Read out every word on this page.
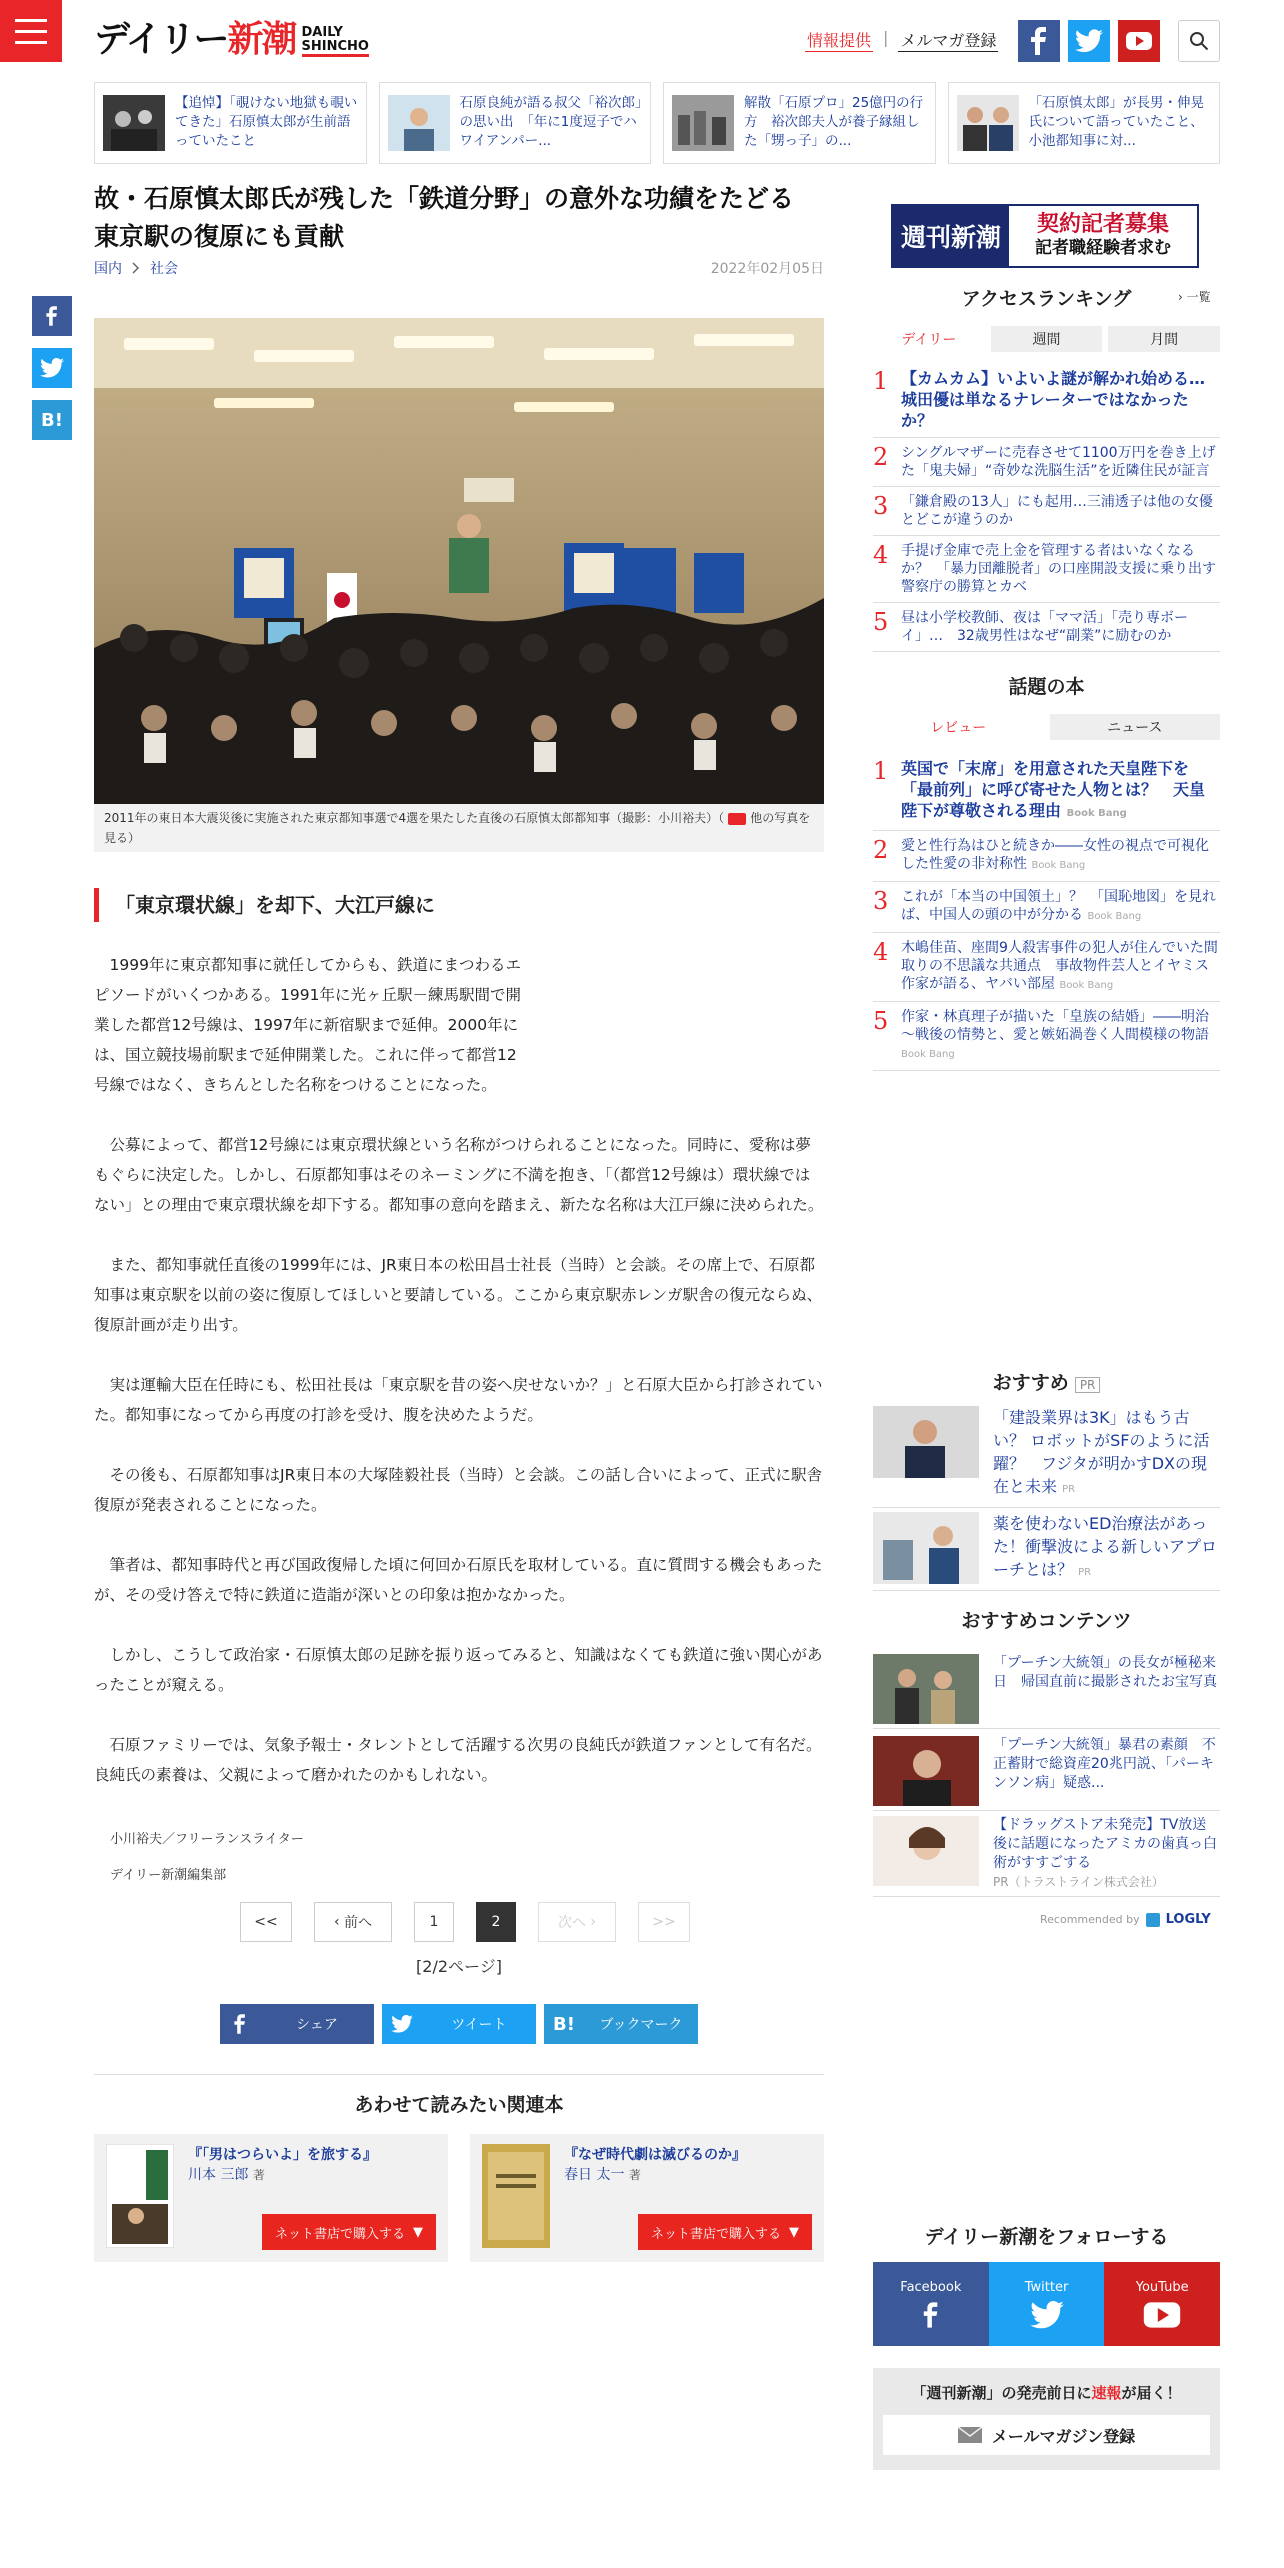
デイリー新潮 DAILY
SHINCHO	情報提供 | メルマガ登録
【追悼】「覗けない地獄も覗いてきた」石原慎太郎が生前語っていたこと
石原良純が語る叔父「裕次郎」の思い出　「年に1度逗子でハワイアンパー...
解散「石原プロ」25億円の行方　裕次郎夫人が養子縁組した「甥っ子」の...
「石原慎太郎」が長男・伸晃氏について語っていたこと、小池都知事に対...
故・石原慎太郎氏が残した「鉄道分野」の意外な功績をたどる　東京駅の復原にも貢献
国内 社会	2022年02月05日
B!
2011年の東日本大震災後に実施された東京都知事選で4選を果たした直後の石原慎太郎都知事（撮影：小川裕夫）（ 他の写真を見る）
「東京環状線」を却下、大江戸線に

1999年に東京都知事に就任してからも、鉄道にまつわるエピソードがいくつかある。1991年に光ヶ丘駅－練馬駅間で開業した都営12号線は、1997年に新宿駅まで延伸。2000年には、国立競技場前駅まで延伸開業した。これに伴って都営12号線ではなく、きちんとした名称をつけることになった。

公募によって、都営12号線には東京環状線という名称がつけられることになった。同時に、愛称は夢もぐらに決定した。しかし、石原都知事はそのネーミングに不満を抱き、「（都営12号線は）環状線ではない」との理由で東京環状線を却下する。都知事の意向を踏まえ、新たな名称は大江戸線に決められた。

また、都知事就任直後の1999年には、JR東日本の松田昌士社長（当時）と会談。その席上で、石原都知事は東京駅を以前の姿に復原してほしいと要請している。ここから東京駅赤レンガ駅舎の復元ならぬ、復原計画が走り出す。

実は運輸大臣在任時にも、松田社長は「東京駅を昔の姿へ戻せないか？」と石原大臣から打診されていた。都知事になってから再度の打診を受け、腹を決めたようだ。

その後も、石原都知事はJR東日本の大塚陸毅社長（当時）と会談。この話し合いによって、正式に駅舎復原が発表されることになった。

筆者は、都知事時代と再び国政復帰した頃に何回か石原氏を取材している。直に質問する機会もあったが、その受け答えで特に鉄道に造詣が深いとの印象は抱かなかった。

しかし、こうして政治家・石原慎太郎の足跡を振り返ってみると、知識はなくても鉄道に強い関心があったことが窺える。

石原ファミリーでは、気象予報士・タレントとして活躍する次男の良純氏が鉄道ファンとして有名だ。良純氏の素養は、父親によって磨かれたのかもしれない。

小川裕夫／フリーランスライター
デイリー新潮編集部
<<	‹ 前へ	1	2	次へ ›	>>
[2/2ページ]
シェア	ツイート	B!	ブックマーク
あわせて読みたい関連本
『「男はつらいよ」を旅する』
川本 三郎 著
ネット書店で購入する ▼
『なぜ時代劇は滅びるのか』
春日 太一 著
ネット書店で購入する ▼
週刊新潮	契約記者募集
記者職経験者求む
アクセスランキング	› 一覧
デイリー	週間	月間
1 【カムカム】いよいよ謎が解かれ始める…城田優は単なるナレーターではなかったか？
2 シングルマザーに売春させて1100万円を巻き上げた「鬼夫婦」“奇妙な洗脳生活”を近隣住民が証言
3 「鎌倉殿の13人」にも起用…三浦透子は他の女優とどこが違うのか
4 手提げ金庫で売上金を管理する者はいなくなるか？　「暴力団離脱者」の口座開設支援に乗り出す警察庁の勝算とカベ
5 昼は小学校教師、夜は「ママ活」「売り専ボーイ」…　32歳男性はなぜ“副業”に励むのか
話題の本
レビュー	ニュース
1 英国で「末席」を用意された天皇陛下を「最前列」に呼び寄せた人物とは？　天皇陛下が尊敬される理由 Book Bang
2 愛と性行為はひと続きか――女性の視点で可視化した性愛の非対称性 Book Bang
3 これが「本当の中国領土」？　「国恥地図」を見れば、中国人の頭の中が分かる Book Bang
4 木嶋佳苗、座間9人殺害事件の犯人が住んでいた間取りの不思議な共通点　事故物件芸人とイヤミス作家が語る、ヤバい部屋 Book Bang
5 作家・林真理子が描いた「皇族の結婚」――明治～戦後の情勢と、愛と嫉妬渦巻く人間模様の物語 Book Bang
おすすめ PR
「建設業界は3K」はもう古い？ ロボットがSFのように活躍？　フジタが明かすDXの現在と未来 PR
薬を使わないED治療法があった！衝撃波による新しいアプローチとは？ PR
おすすめコンテンツ
「プーチン大統領」の長女が極秘来日　帰国直前に撮影されたお宝写真
「プーチン大統領」暴君の素顔　不正蓄財で総資産20兆円説、「パーキンソン病」疑惑...
【ドラッグストア未発売】TV放送後に話題になったアミカの歯真っ白術がすすごする
PR（トラストライン株式会社）
Recommended by LOGLY
デイリー新潮をフォローする
Facebook	Twitter	YouTube
「週刊新潮」の発売前日に速報が届く！
メールマガジン登録
